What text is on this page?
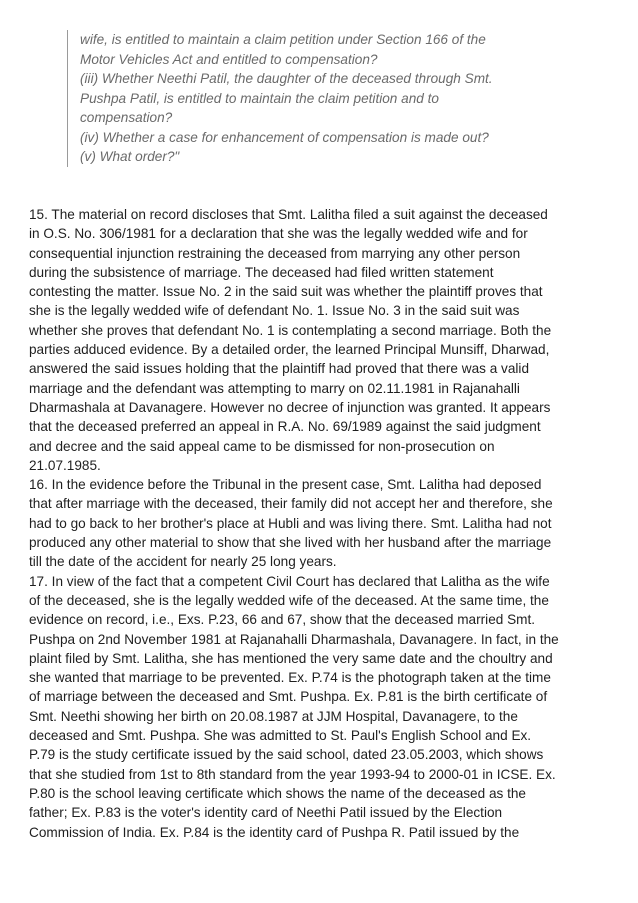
wife, is entitled to maintain a claim petition under Section 166 of the
Motor Vehicles Act and entitled to compensation?
(iii) Whether Neethi Patil, the daughter of the deceased through Smt.
Pushpa Patil, is entitled to maintain the claim petition and to
compensation?
(iv) Whether a case for enhancement of compensation is made out?
(v) What order?"
15. The material on record discloses that Smt. Lalitha filed a suit against the deceased
in O.S. No. 306/1981 for a declaration that she was the legally wedded wife and for
consequential injunction restraining the deceased from marrying any other person
during the subsistence of marriage. The deceased had filed written statement
contesting the matter. Issue No. 2 in the said suit was whether the plaintiff proves that
she is the legally wedded wife of defendant No. 1. Issue No. 3 in the said suit was
whether she proves that defendant No. 1 is contemplating a second marriage. Both the
parties adduced evidence. By a detailed order, the learned Principal Munsiff, Dharwad,
answered the said issues holding that the plaintiff had proved that there was a valid
marriage and the defendant was attempting to marry on 02.11.1981 in Rajanahalli
Dharmashala at Davanagere. However no decree of injunction was granted. It appears
that the deceased preferred an appeal in R.A. No. 69/1989 against the said judgment
and decree and the said appeal came to be dismissed for non-prosecution on
21.07.1985.
16. In the evidence before the Tribunal in the present case, Smt. Lalitha had deposed
that after marriage with the deceased, their family did not accept her and therefore, she
had to go back to her brother's place at Hubli and was living there. Smt. Lalitha had not
produced any other material to show that she lived with her husband after the marriage
till the date of the accident for nearly 25 long years.
17. In view of the fact that a competent Civil Court has declared that Lalitha as the wife
of the deceased, she is the legally wedded wife of the deceased. At the same time, the
evidence on record, i.e., Exs. P.23, 66 and 67, show that the deceased married Smt.
Pushpa on 2nd November 1981 at Rajanahalli Dharmashala, Davanagere. In fact, in the
plaint filed by Smt. Lalitha, she has mentioned the very same date and the choultry and
she wanted that marriage to be prevented. Ex. P.74 is the photograph taken at the time
of marriage between the deceased and Smt. Pushpa. Ex. P.81 is the birth certificate of
Smt. Neethi showing her birth on 20.08.1987 at JJM Hospital, Davanagere, to the
deceased and Smt. Pushpa. She was admitted to St. Paul's English School and Ex.
P.79 is the study certificate issued by the said school, dated 23.05.2003, which shows
that she studied from 1st to 8th standard from the year 1993-94 to 2000-01 in ICSE. Ex.
P.80 is the school leaving certificate which shows the name of the deceased as the
father; Ex. P.83 is the voter's identity card of Neethi Patil issued by the Election
Commission of India. Ex. P.84 is the identity card of Pushpa R. Patil issued by the
